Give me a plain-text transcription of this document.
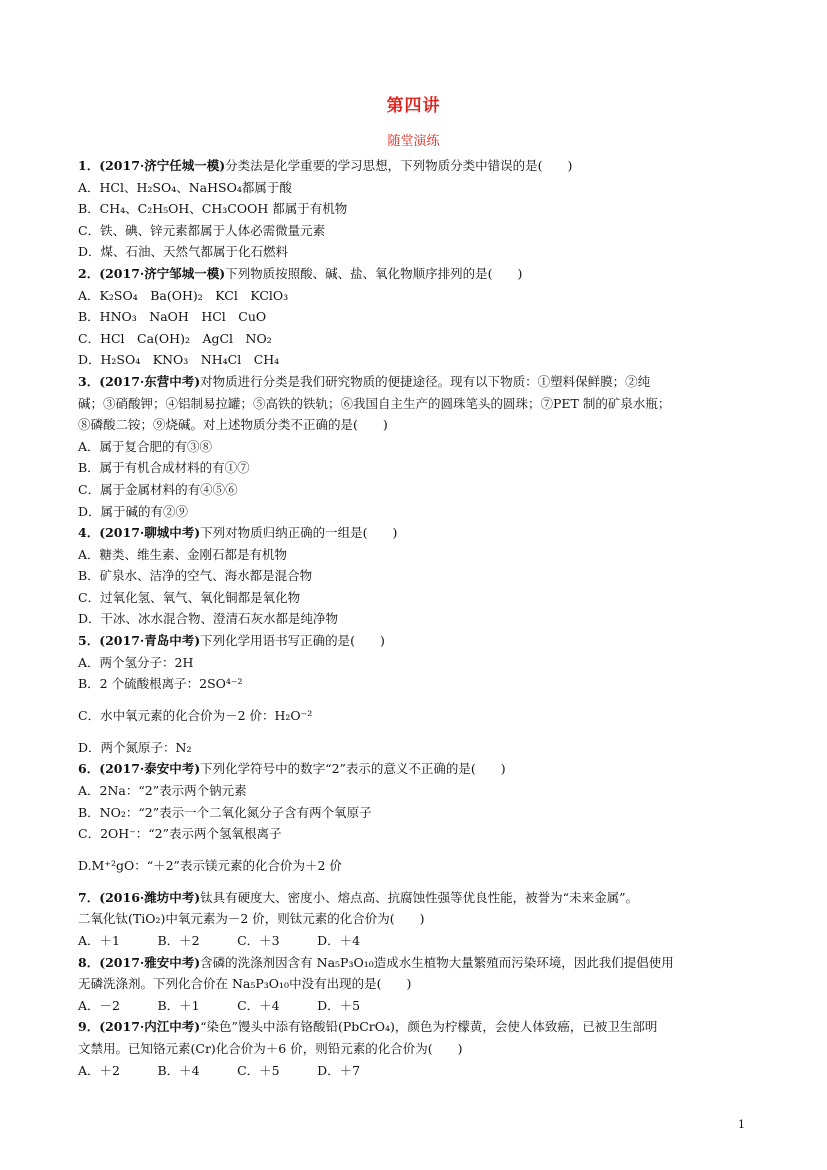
第四讲
随堂演练
1．(2017·济宁任城一模)分类法是化学重要的学习思想，下列物质分类中错误的是(　　)
A．HCl、H₂SO₄、NaHSO₄都属于酸
B．CH₄、C₂H₅OH、CH₃COOH 都属于有机物
C．铁、碘、锌元素都属于人体必需微量元素
D．煤、石油、天然气都属于化石燃料
2．(2017·济宁邹城一模)下列物质按照酸、碱、盐、氧化物顺序排列的是(　　)
A．K₂SO₄　Ba(OH)₂　KCl　KClO₃
B．HNO₃　NaOH　HCl　CuO
C．HCl　Ca(OH)₂　AgCl　NO₂
D．H₂SO₄　KNO₃　NH₄Cl　CH₄
3．(2017·东营中考)对物质进行分类是我们研究物质的便捷途径。现有以下物质：①塑料保鲜膜；②纯
碱；③硝酸钾；④铝制易拉罐；⑤高铁的铁轨；⑥我国自主生产的圆珠笔头的圆珠；⑦PET 制的矿泉水瓶；
⑧磷酸二铵；⑨烧碱。对上述物质分类不正确的是(　　)
A．属于复合肥的有③⑧
B．属于有机合成材料的有①⑦
C．属于金属材料的有④⑤⑥
D．属于碱的有②⑨
4．(2017·聊城中考)下列对物质归纳正确的一组是(　　)
A．糖类、维生素、金刚石都是有机物
B．矿泉水、洁净的空气、海水都是混合物
C．过氧化氢、氧气、氧化铜都是氧化物
D．干冰、冰水混合物、澄清石灰水都是纯净物
5．(2017·青岛中考)下列化学用语书写正确的是(　　)
A．两个氢分子：2H
B．2 个硫酸根离子：2SO⁴⁻²
C．水中氧元素的化合价为－2 价：H₂O⁻²
D．两个氮原子：N₂
6．(2017·泰安中考)下列化学符号中的数字“2”表示的意义不正确的是(　　)
A．2Na：“2”表示两个钠元素
B．NO₂：“2”表示一个二氧化氮分子含有两个氧原子
C．2OH⁻：“2”表示两个氢氧根离子
D.M⁺²gO：“＋2”表示镁元素的化合价为＋2 价
7．(2016·潍坊中考)钛具有硬度大、密度小、熔点高、抗腐蚀性强等优良性能，被誉为“未来金属”。
二氧化钛(TiO₂)中氧元素为－2 价，则钛元素的化合价为(　　)
A．＋1　　　B．＋2　　　C．＋3　　　D．＋4
8．(2017·雅安中考)含磷的洗涤剂因含有 Na₅P₃O₁₀造成水生植物大量繁殖而污染环境，因此我们提倡使用
无磷洗涤剂。下列化合价在 Na₅P₃O₁₀中没有出现的是(　　)
A．－2　　　B．＋1　　　C．＋4　　　D．＋5
9．(2017·内江中考)“染色”馒头中添有铬酸铅(PbCrO₄)，颜色为柠檬黄，会使人体致癌，已被卫生部明
文禁用。已知铬元素(Cr)化合价为＋6 价，则铅元素的化合价为(　　)
A．＋2　　　B．＋4　　　C．＋5　　　D．＋7
1
